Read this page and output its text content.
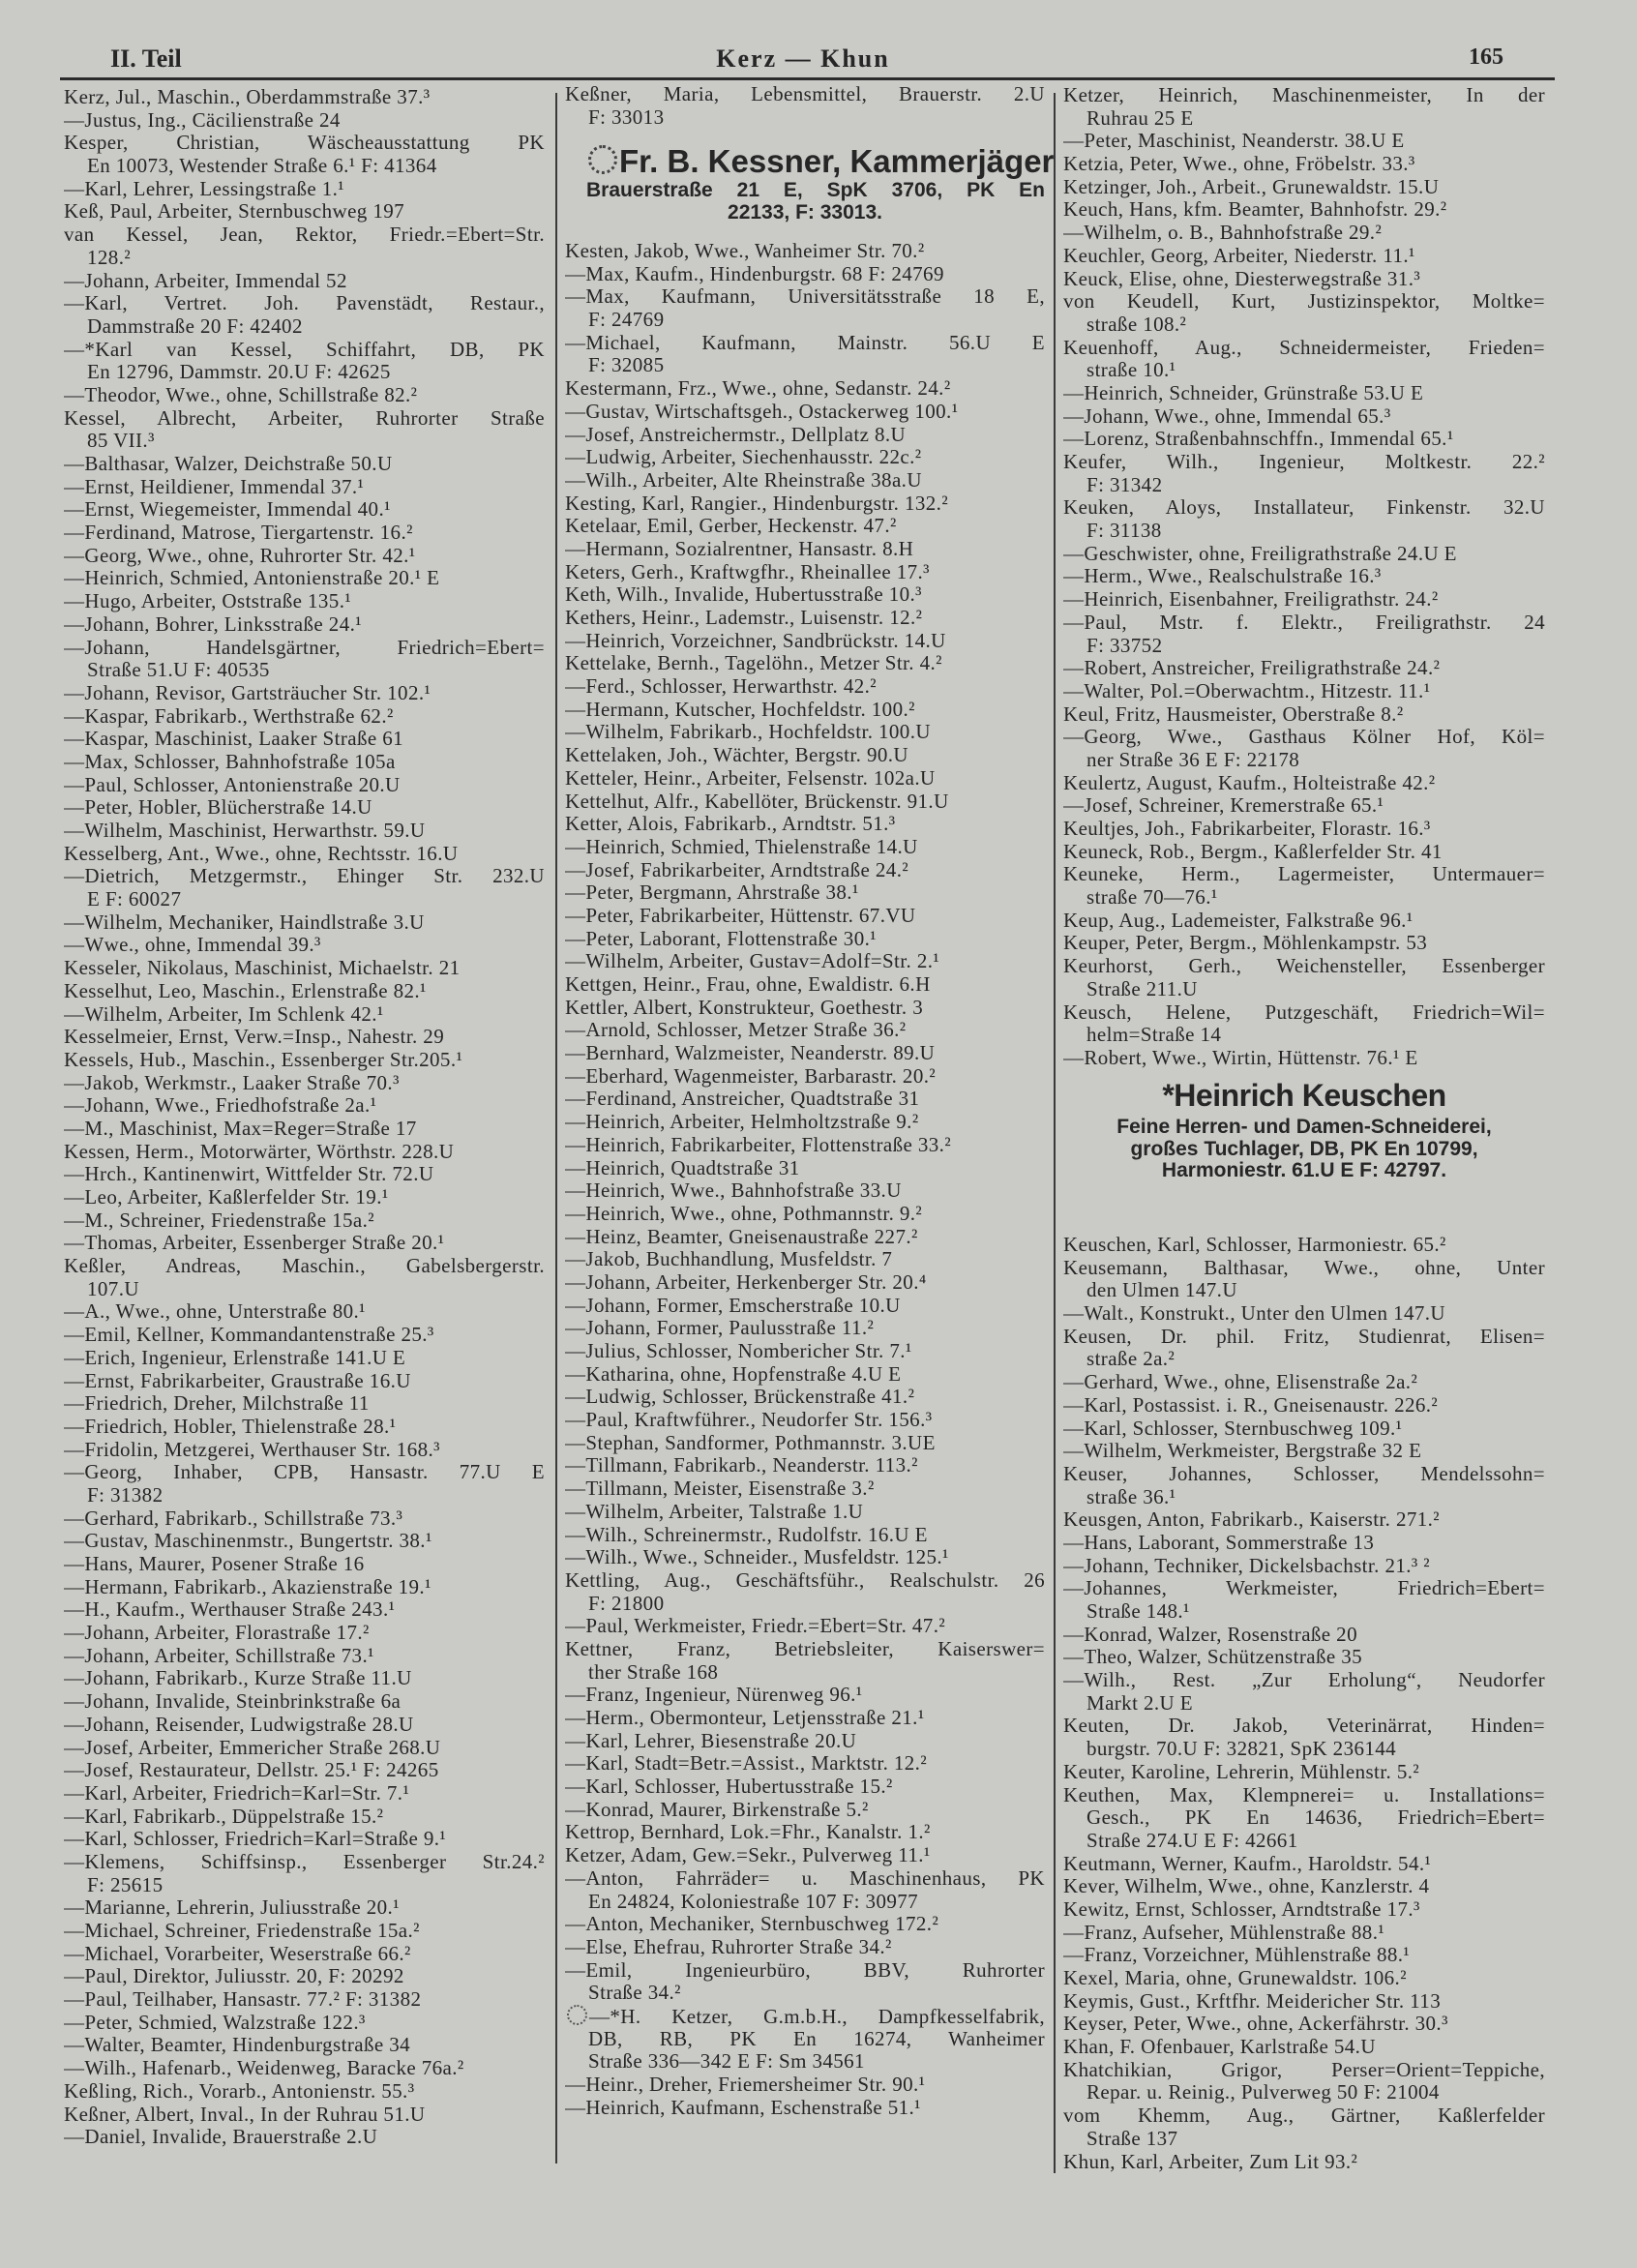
II. Teil	Kerz — Khun	165
Kerz, Jul., Maschin., Oberdammstraße 37.³
—Justus, Ing., Cäcilienstraße 24
Kesper, Christian, Wäscheausstattung PK
En 10073, Westender Straße 6.¹ F: 41364
—Karl, Lehrer, Lessingstraße 1.¹
Keß, Paul, Arbeiter, Sternbuschweg 197
van Kessel, Jean, Rektor, Friedr.=Ebert=Str.
128.²
—Johann, Arbeiter, Immendal 52
—Karl, Vertret. Joh. Pavenstädt, Restaur.,
Dammstraße 20 F: 42402
—*Karl van Kessel, Schiffahrt, DB, PK
En 12796, Dammstr. 20.U F: 42625
—Theodor, Wwe., ohne, Schillstraße 82.²
Kessel, Albrecht, Arbeiter, Ruhrorter Straße
85 VII.³
—Balthasar, Walzer, Deichstraße 50.U
—Ernst, Heildiener, Immendal 37.¹
—Ernst, Wiegemeister, Immendal 40.¹
—Ferdinand, Matrose, Tiergartenstr. 16.²
—Georg, Wwe., ohne, Ruhrorter Str. 42.¹
—Heinrich, Schmied, Antonienstraße 20.¹ E
—Hugo, Arbeiter, Oststraße 135.¹
—Johann, Bohrer, Linksstraße 24.¹
—Johann, Handelsgärtner, Friedrich=Ebert=
Straße 51.U F: 40535
—Johann, Revisor, Gartsträucher Str. 102.¹
—Kaspar, Fabrikarb., Werthstraße 62.²
—Kaspar, Maschinist, Laaker Straße 61
—Max, Schlosser, Bahnhofstraße 105a
—Paul, Schlosser, Antonienstraße 20.U
—Peter, Hobler, Blücherstraße 14.U
—Wilhelm, Maschinist, Herwarthstr. 59.U
Kesselberg, Ant., Wwe., ohne, Rechtsstr. 16.U
—Dietrich, Metzgermstr., Ehinger Str. 232.U
E F: 60027
—Wilhelm, Mechaniker, Haindlstraße 3.U
—Wwe., ohne, Immendal 39.³
Kesseler, Nikolaus, Maschinist, Michaelstr. 21
Kesselhut, Leo, Maschin., Erlenstraße 82.¹
—Wilhelm, Arbeiter, Im Schlenk 42.¹
Kesselmeier, Ernst, Verw.=Insp., Nahestr. 29
Kessels, Hub., Maschin., Essenberger Str.205.¹
—Jakob, Werkmstr., Laaker Straße 70.³
—Johann, Wwe., Friedhofstraße 2a.¹
—M., Maschinist, Max=Reger=Straße 17
Kessen, Herm., Motorwärter, Wörthstr. 228.U
—Hrch., Kantinenwirt, Wittfelder Str. 72.U
—Leo, Arbeiter, Kaßlerfelder Str. 19.¹
—M., Schreiner, Friedenstraße 15a.²
—Thomas, Arbeiter, Essenberger Straße 20.¹
Keßler, Andreas, Maschin., Gabelsbergerstr.
107.U
—A., Wwe., ohne, Unterstraße 80.¹
—Emil, Kellner, Kommandantenstraße 25.³
—Erich, Ingenieur, Erlenstraße 141.U E
—Ernst, Fabrikarbeiter, Graustraße 16.U
—Friedrich, Dreher, Milchstraße 11
—Friedrich, Hobler, Thielenstraße 28.¹
—Fridolin, Metzgerei, Werthauser Str. 168.³
—Georg, Inhaber, CPB, Hansastr. 77.U E
F: 31382
—Gerhard, Fabrikarb., Schillstraße 73.³
—Gustav, Maschinenmstr., Bungertstr. 38.¹
—Hans, Maurer, Posener Straße 16
—Hermann, Fabrikarb., Akazienstraße 19.¹
—H., Kaufm., Werthauser Straße 243.¹
—Johann, Arbeiter, Florastraße 17.²
—Johann, Arbeiter, Schillstraße 73.¹
—Johann, Fabrikarb., Kurze Straße 11.U
—Johann, Invalide, Steinbrinkstraße 6a
—Johann, Reisender, Ludwigstraße 28.U
—Josef, Arbeiter, Emmericher Straße 268.U
—Josef, Restaurateur, Dellstr. 25.¹ F: 24265
—Karl, Arbeiter, Friedrich=Karl=Str. 7.¹
—Karl, Fabrikarb., Düppelstraße 15.²
—Karl, Schlosser, Friedrich=Karl=Straße 9.¹
—Klemens, Schiffsinsp., Essenberger Str.24.²
F: 25615
—Marianne, Lehrerin, Juliusstraße 20.¹
—Michael, Schreiner, Friedenstraße 15a.²
—Michael, Vorarbeiter, Weserstraße 66.²
—Paul, Direktor, Juliusstr. 20, F: 20292
—Paul, Teilhaber, Hansastr. 77.² F: 31382
—Peter, Schmied, Walzstraße 122.³
—Walter, Beamter, Hindenburgstraße 34
—Wilh., Hafenarb., Weidenweg, Baracke 76a.²
Keßling, Rich., Vorarb., Antonienstr. 55.³
Keßner, Albert, Inval., In der Ruhrau 51.U
—Daniel, Invalide, Brauerstraße 2.U
Keßner, Maria, Lebensmittel, Brauerstr. 2.U
F: 33013
Kesten, Jakob, Wwe., Wanheimer Str. 70.²
—Max, Kaufm., Hindenburgstr. 68 F: 24769
—Max, Kaufmann, Universitätsstraße 18 E,
F: 24769
—Michael, Kaufmann, Mainstr. 56.U E
F: 32085
Kestermann, Frz., Wwe., ohne, Sedanstr. 24.²
—Gustav, Wirtschaftsgeh., Ostackerweg 100.¹
—Josef, Anstreichermstr., Dellplatz 8.U
—Ludwig, Arbeiter, Siechenhausstr. 22c.²
—Wilh., Arbeiter, Alte Rheinstraße 38a.U
Kesting, Karl, Rangier., Hindenburgstr. 132.²
Ketelaar, Emil, Gerber, Heckenstr. 47.²
—Hermann, Sozialrentner, Hansastr. 8.H
Keters, Gerh., Kraftwgfhr., Rheinallee 17.³
Keth, Wilh., Invalide, Hubertusstraße 10.³
Kethers, Heinr., Lademstr., Luisenstr. 12.²
—Heinrich, Vorzeichner, Sandbrückstr. 14.U
Kettelake, Bernh., Tagelöhn., Metzer Str. 4.²
—Ferd., Schlosser, Herwarthstr. 42.²
—Hermann, Kutscher, Hochfeldstr. 100.²
—Wilhelm, Fabrikarb., Hochfeldstr. 100.U
Kettelaken, Joh., Wächter, Bergstr. 90.U
Ketteler, Heinr., Arbeiter, Felsenstr. 102a.U
Kettelhut, Alfr., Kabellöter, Brückenstr. 91.U
Ketter, Alois, Fabrikarb., Arndtstr. 51.³
—Heinrich, Schmied, Thielenstraße 14.U
—Josef, Fabrikarbeiter, Arndtstraße 24.²
—Peter, Bergmann, Ahrstraße 38.¹
—Peter, Fabrikarbeiter, Hüttenstr. 67.VU
—Peter, Laborant, Flottenstraße 30.¹
—Wilhelm, Arbeiter, Gustav=Adolf=Str. 2.¹
Kettgen, Heinr., Frau, ohne, Ewaldistr. 6.H
Kettler, Albert, Konstrukteur, Goethestr. 3
—Arnold, Schlosser, Metzer Straße 36.²
—Bernhard, Walzmeister, Neanderstr. 89.U
—Eberhard, Wagenmeister, Barbarastr. 20.²
—Ferdinand, Anstreicher, Quadtstraße 31
—Heinrich, Arbeiter, Helmholtzstraße 9.²
—Heinrich, Fabrikarbeiter, Flottenstraße 33.²
—Heinrich, Quadtstraße 31
—Heinrich, Wwe., Bahnhofstraße 33.U
—Heinrich, Wwe., ohne, Pothmannstr. 9.²
—Heinz, Beamter, Gneisenaustraße 227.²
—Jakob, Buchhandlung, Musfeldstr. 7
—Johann, Arbeiter, Herkenberger Str. 20.⁴
—Johann, Former, Emscherstraße 10.U
—Johann, Former, Paulusstraße 11.²
—Julius, Schlosser, Nombericher Str. 7.¹
—Katharina, ohne, Hopfenstraße 4.U E
—Ludwig, Schlosser, Brückenstraße 41.²
—Paul, Kraftwführer., Neudorfer Str. 156.³
—Stephan, Sandformer, Pothmannstr. 3.UE
—Tillmann, Fabrikarb., Neanderstr. 113.²
—Tillmann, Meister, Eisenstraße 3.²
—Wilhelm, Arbeiter, Talstraße 1.U
—Wilh., Schreinermstr., Rudolfstr. 16.U E
—Wilh., Wwe., Schneider., Musfeldstr. 125.¹
Kettling, Aug., Geschäftsführ., Realschulstr. 26
F: 21800
—Paul, Werkmeister, Friedr.=Ebert=Str. 47.²
Kettner, Franz, Betriebsleiter, Kaiserswer=
ther Straße 168
—Franz, Ingenieur, Nürenweg 96.¹
—Herm., Obermonteur, Letjensstraße 21.¹
—Karl, Lehrer, Biesenstraße 20.U
—Karl, Stadt=Betr.=Assist., Marktstr. 12.²
—Karl, Schlosser, Hubertusstraße 15.²
—Konrad, Maurer, Birkenstraße 5.²
Kettrop, Bernhard, Lok.=Fhr., Kanalstr. 1.²
Ketzer, Adam, Gew.=Sekr., Pulverweg 11.¹
—Anton, Fahrräder= u. Maschinenhaus, PK
En 24824, Koloniestraße 107 F: 30977
—Anton, Mechaniker, Sternbuschweg 172.²
—Else, Ehefrau, Ruhrorter Straße 34.²
—Emil, Ingenieurbüro, BBV, Ruhrorter
Straße 34.²
—*H. Ketzer, G.m.b.H., Dampfkesselfabrik,
DB, RB, PK En 16274, Wanheimer
Straße 336—342 E F: Sm 34561
—Heinr., Dreher, Friemersheimer Str. 90.¹
—Heinrich, Kaufmann, Eschenstraße 51.¹
Ketzer, Heinrich, Maschinenmeister, In der
Ruhrau 25 E
—Peter, Maschinist, Neanderstr. 38.U E
Ketzia, Peter, Wwe., ohne, Fröbelstr. 33.³
Ketzinger, Joh., Arbeit., Grunewaldstr. 15.U
Keuch, Hans, kfm. Beamter, Bahnhofstr. 29.²
—Wilhelm, o. B., Bahnhofstraße 29.²
Keuchler, Georg, Arbeiter, Niederstr. 11.¹
Keuck, Elise, ohne, Diesterwegstraße 31.³
von Keudell, Kurt, Justizinspektor, Moltke=
straße 108.²
Keuenhoff, Aug., Schneidermeister, Frieden=
straße 10.¹
—Heinrich, Schneider, Grünstraße 53.U E
—Johann, Wwe., ohne, Immendal 65.³
—Lorenz, Straßenbahnschffn., Immendal 65.¹
Keufer, Wilh., Ingenieur, Moltkestr. 22.²
F: 31342
Keuken, Aloys, Installateur, Finkenstr. 32.U
F: 31138
—Geschwister, ohne, Freiligrathstraße 24.U E
—Herm., Wwe., Realschulstraße 16.³
—Heinrich, Eisenbahner, Freiligrathstr. 24.²
—Paul, Mstr. f. Elektr., Freiligrathstr. 24
F: 33752
—Robert, Anstreicher, Freiligrathstraße 24.²
—Walter, Pol.=Oberwachtm., Hitzestr. 11.¹
Keul, Fritz, Hausmeister, Oberstraße 8.²
—Georg, Wwe., Gasthaus Kölner Hof, Köl=
ner Straße 36 E F: 22178
Keulertz, August, Kaufm., Holteistraße 42.²
—Josef, Schreiner, Kremerstraße 65.¹
Keultjes, Joh., Fabrikarbeiter, Florastr. 16.³
Keuneck, Rob., Bergm., Kaßlerfelder Str. 41
Keuneke, Herm., Lagermeister, Untermauer=
straße 70—76.¹
Keup, Aug., Lademeister, Falkstraße 96.¹
Keuper, Peter, Bergm., Möhlenkampstr. 53
Keurhorst, Gerh., Weichensteller, Essenberger
Straße 211.U
Keusch, Helene, Putzgeschäft, Friedrich=Wil=
helm=Straße 14
—Robert, Wwe., Wirtin, Hüttenstr. 76.¹ E
Keuschen, Karl, Schlosser, Harmoniestr. 65.²
Keusemann, Balthasar, Wwe., ohne, Unter
den Ulmen 147.U
—Walt., Konstrukt., Unter den Ulmen 147.U
Keusen, Dr. phil. Fritz, Studienrat, Elisen=
straße 2a.²
—Gerhard, Wwe., ohne, Elisenstraße 2a.²
—Karl, Postassist. i. R., Gneisenaustr. 226.²
—Karl, Schlosser, Sternbuschweg 109.¹
—Wilhelm, Werkmeister, Bergstraße 32 E
Keuser, Johannes, Schlosser, Mendelssohn=
straße 36.¹
Keusgen, Anton, Fabrikarb., Kaiserstr. 271.²
—Hans, Laborant, Sommerstraße 13
—Johann, Techniker, Dickelsbachstr. 21.³ ²
—Johannes, Werkmeister, Friedrich=Ebert=
Straße 148.¹
—Konrad, Walzer, Rosenstraße 20
—Theo, Walzer, Schützenstraße 35
—Wilh., Rest. „Zur Erholung“, Neudorfer
Markt 2.U E
Keuten, Dr. Jakob, Veterinärrat, Hinden=
burgstr. 70.U F: 32821, SpK 236144
Keuter, Karoline, Lehrerin, Mühlenstr. 5.²
Keuthen, Max, Klempnerei= u. Installations=
Gesch., PK En 14636, Friedrich=Ebert=
Straße 274.U E F: 42661
Keutmann, Werner, Kaufm., Haroldstr. 54.¹
Kever, Wilhelm, Wwe., ohne, Kanzlerstr. 4
Kewitz, Ernst, Schlosser, Arndtstraße 17.³
—Franz, Aufseher, Mühlenstraße 88.¹
—Franz, Vorzeichner, Mühlenstraße 88.¹
Kexel, Maria, ohne, Grunewaldstr. 106.²
Keymis, Gust., Krftfhr. Meidericher Str. 113
Keyser, Peter, Wwe., ohne, Ackerfährstr. 30.³
Khan, F. Ofenbauer, Karlstraße 54.U
Khatchikian, Grigor, Perser=Orient=Teppiche,
Repar. u. Reinig., Pulverweg 50 F: 21004
vom Khemm, Aug., Gärtner, Kaßlerfelder
Straße 137
Khun, Karl, Arbeiter, Zum Lit 93.²
Fr. B. Kessner, Kammerjäger
Brauerstraße 21 E, SpK 3706, PK En
22133, F: 33013.
*Heinrich Keuschen
Feine Herren- und Damen-Schneiderei,
großes Tuchlager, DB, PK En 10799,
Harmoniestr. 61.U E F: 42797.
